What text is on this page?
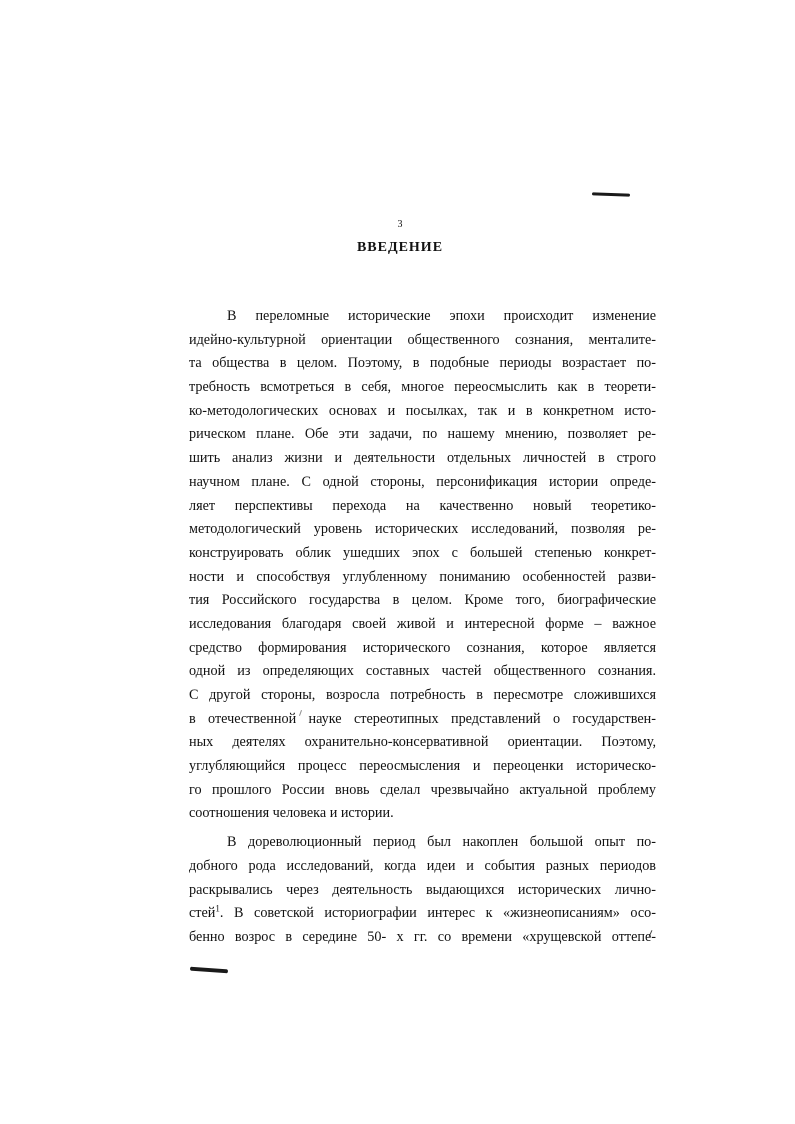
3
ВВЕДЕНИЕ
В переломные исторические эпохи происходит изменение
идейно-культурной ориентации общественного сознания, менталите-
та общества в целом. Поэтому, в подобные периоды возрастает по-
требность всмотреться в себя, многое переосмыслить как в теорети-
ко-методологических основах и посылках, так и в конкретном исто-
рическом плане. Обе эти задачи, по нашему мнению, позволяет ре-
шить анализ жизни и деятельности отдельных личностей в строго
научном плане. С одной стороны, персонификация истории опреде-
ляет перспективы перехода на качественно новый теоретико-
методологический уровень исторических исследований, позволяя ре-
конструировать облик ушедших эпох с большей степенью конкрет-
ности и способствуя углубленному пониманию особенностей разви-
тия Российского государства в целом. Кроме того, биографические
исследования благодаря своей живой и интересной форме – важное
средство формирования исторического сознания, которое является
одной из определяющих составных частей общественного сознания.
С другой стороны, возросла потребность в пересмотре сложившихся
в отечественной науке стереотипных представлений о государствен-
ных деятелях охранительно-консервативной ориентации. Поэтому,
углубляющийся процесс переосмысления и переоценки историческо-
го прошлого России вновь сделал чрезвычайно актуальной проблему
соотношения человека и истории.
В дореволюционный период был накоплен большой опыт по-
добного рода исследований, когда идеи и события разных периодов
раскрывались через деятельность выдающихся исторических лично-
стей$^1$. В советской историографии интерес к «жизнеописаниям» осо-
бенно возрос в середине 50- х гг. со времени «хрущевской оттепе-
